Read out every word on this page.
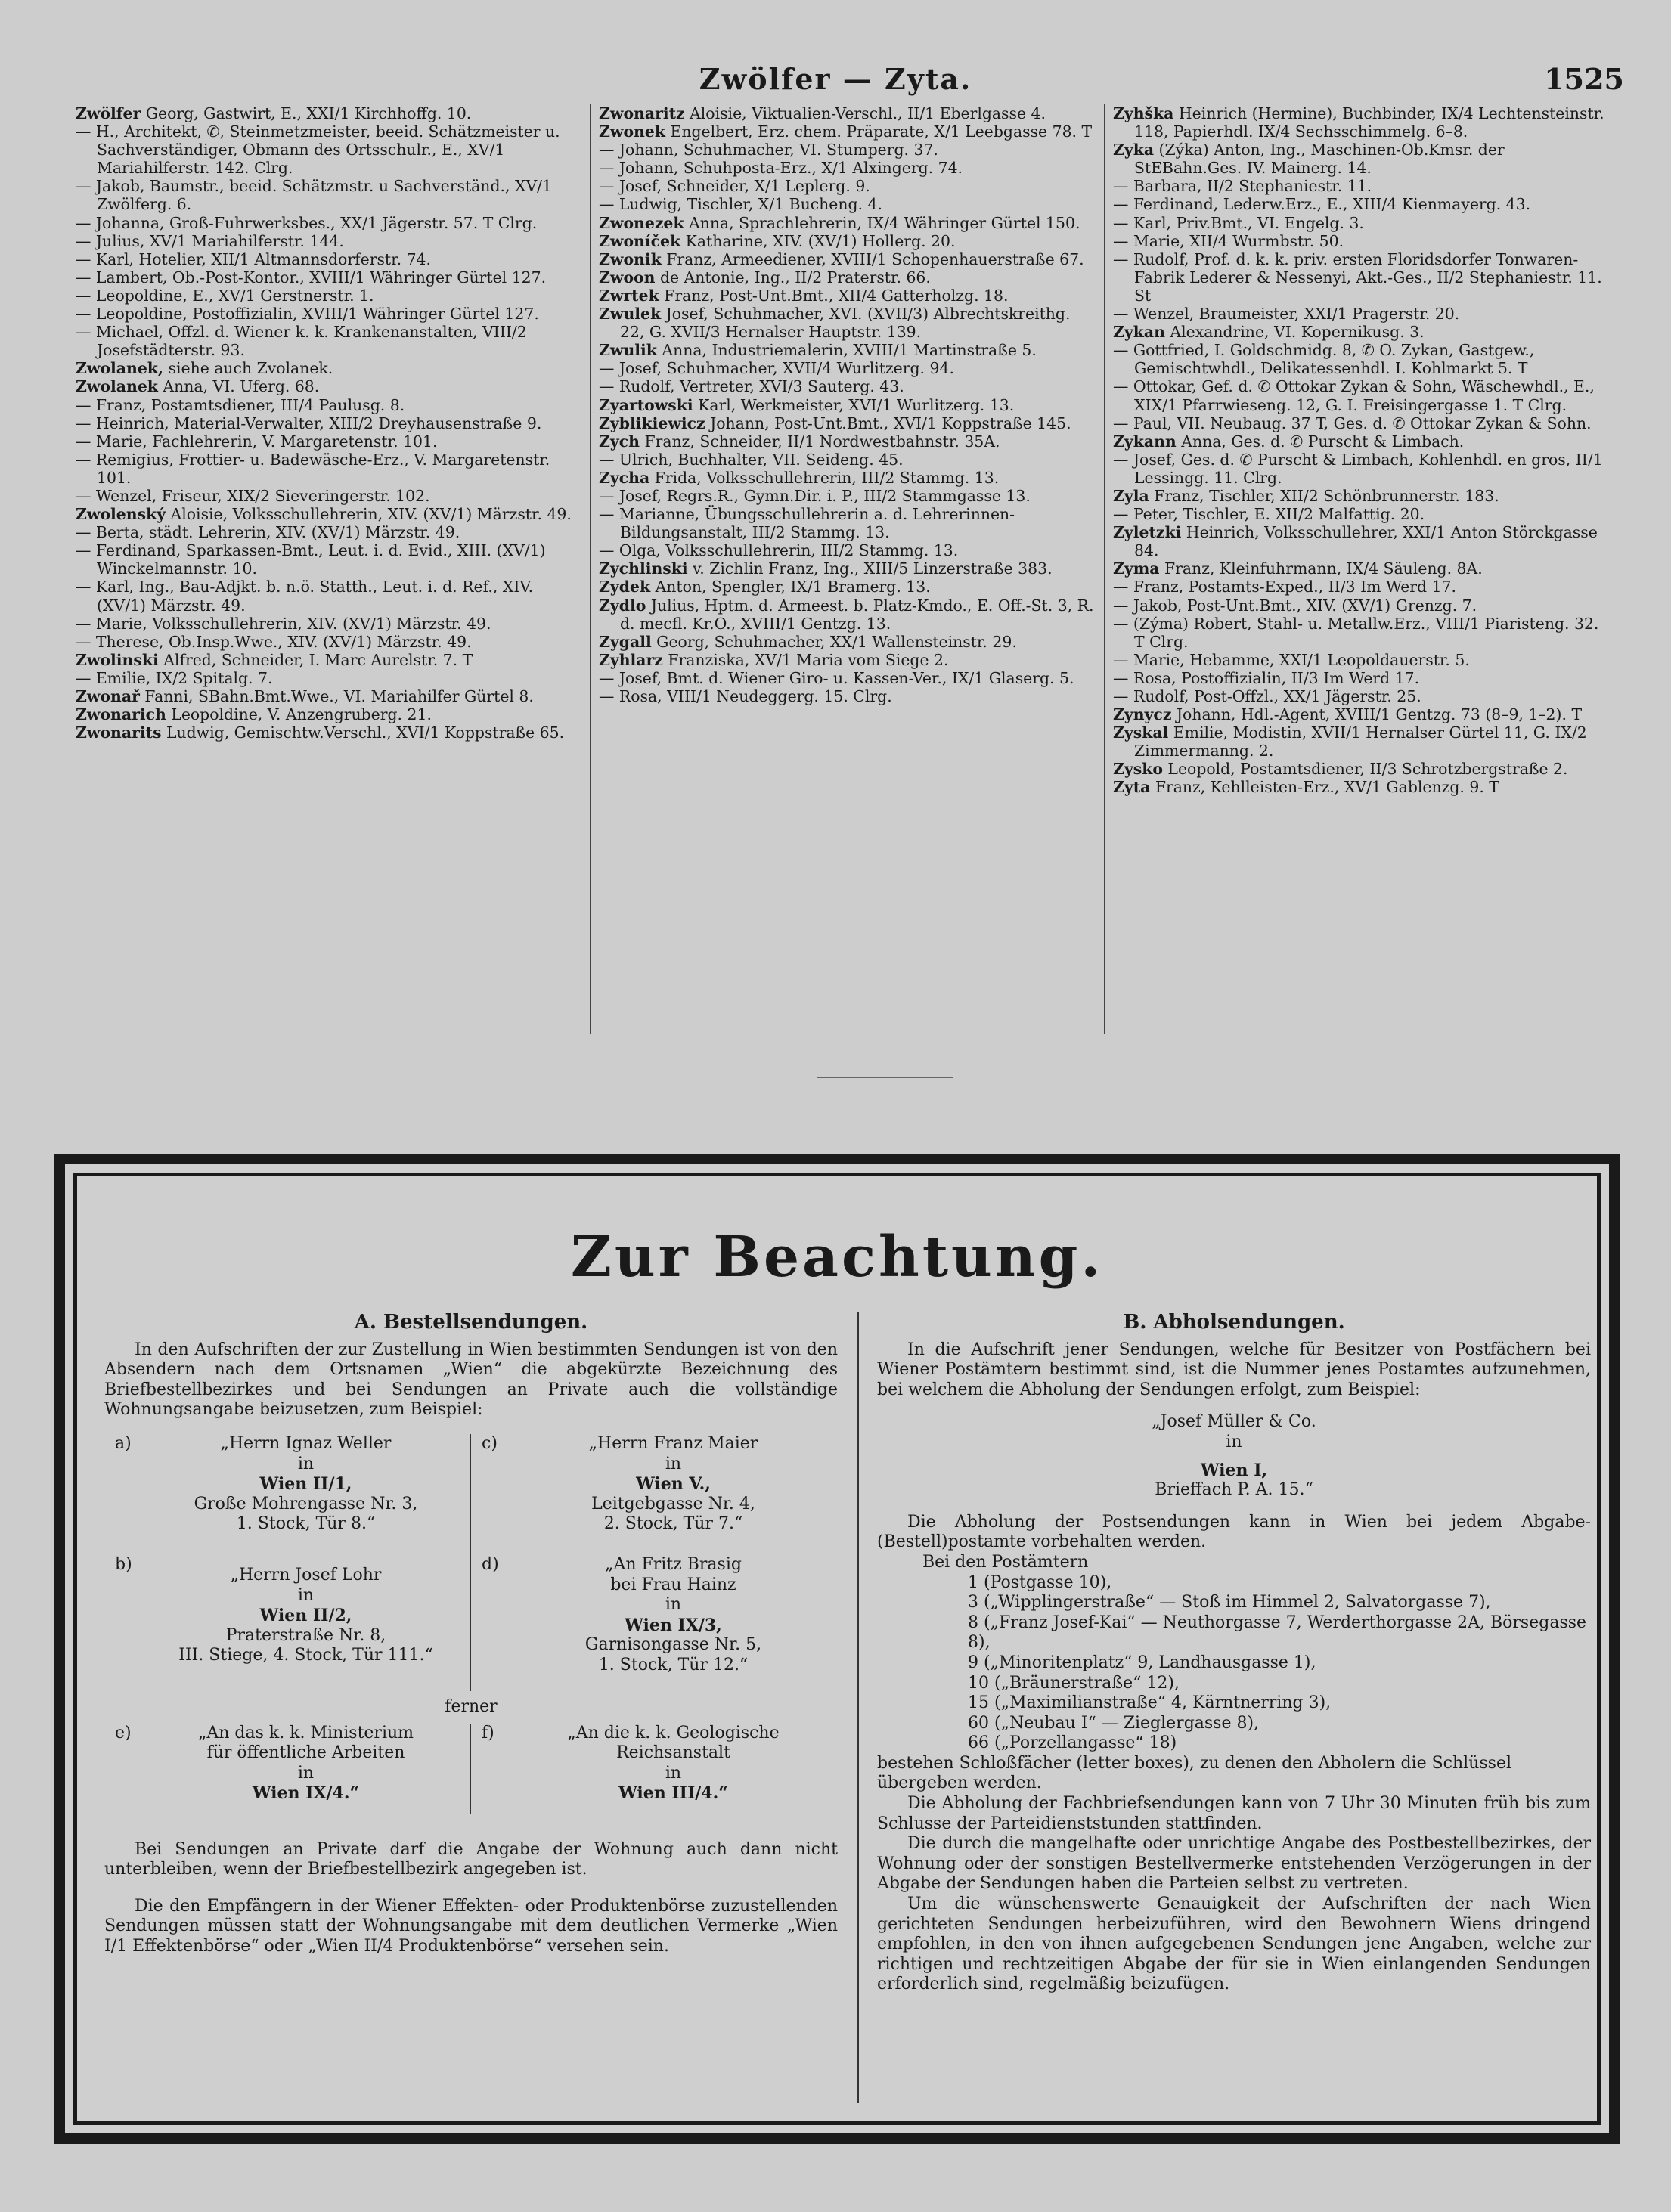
Zwölfer — Zyta.	1525
Zwölfer Georg, Gastwirt, E., XXI/1 Kirchhoffg. 10.
— H., Architekt, ✆, Steinmetzmeister, beeid. Schätzmeister u. Sachverständiger, Obmann des Ortsschulr., E., XV/1 Mariahilferstr. 142. Clrg.
— Jakob, Baumstr., beeid. Schätzmstr. u Sachverständ., XV/1 Zwölferg. 6.
— Johanna, Groß-Fuhrwerksbes., XX/1 Jägerstr. 57. T Clrg.
— Julius, XV/1 Mariahilferstr. 144.
— Karl, Hotelier, XII/1 Altmannsdorferstr. 74.
— Lambert, Ob.-Post-Kontor., XVIII/1 Währinger Gürtel 127.
— Leopoldine, E., XV/1 Gerstnerstr. 1.
— Leopoldine, Postoffizialin, XVIII/1 Währinger Gürtel 127.
— Michael, Offzl. d. Wiener k. k. Krankenanstalten, VIII/2 Josefstädterstr. 93.
Zwolanek, siehe auch Zvolanek.
Zwolanek Anna, VI. Uferg. 68.
— Franz, Postamtsdiener, III/4 Paulusg. 8.
— Heinrich, Material-Verwalter, XIII/2 Dreyhausenstraße 9.
— Marie, Fachlehrerin, V. Margaretenstr. 101.
— Remigius, Frottier- u. Badewäsche-Erz., V. Margaretenstr. 101.
— Wenzel, Friseur, XIX/2 Sieveringerstr. 102.
Zwolenský Aloisie, Volksschullehrerin, XIV. (XV/1) Märzstr. 49.
— Berta, städt. Lehrerin, XIV. (XV/1) Märzstr. 49.
— Ferdinand, Sparkassen-Bmt., Leut. i. d. Evid., XIII. (XV/1) Winckelmannstr. 10.
— Karl, Ing., Bau-Adjkt. b. n.ö. Statth., Leut. i. d. Ref., XIV. (XV/1) Märzstr. 49.
— Marie, Volksschullehrerin, XIV. (XV/1) Märzstr. 49.
— Therese, Ob.Insp.Wwe., XIV. (XV/1) Märzstr. 49.
Zwolinski Alfred, Schneider, I. Marc Aurelstr. 7. T
— Emilie, IX/2 Spitalg. 7.
Zwonař Fanni, SBahn.Bmt.Wwe., VI. Mariahilfer Gürtel 8.
Zwonarich Leopoldine, V. Anzengruberg. 21.
Zwonarits Ludwig, Gemischtw.Verschl., XVI/1 Koppstraße 65.
Zwonaritz Aloisie, Viktualien-Verschl., II/1 Eberlgasse 4.
Zwonek Engelbert, Erz. chem. Präparate, X/1 Leebgasse 78. T
— Johann, Schuhmacher, VI. Stumperg. 37.
— Johann, Schuhposta-Erz., X/1 Alxingerg. 74.
— Josef, Schneider, X/1 Leplerg. 9.
— Ludwig, Tischler, X/1 Bucheng. 4.
Zwonezek Anna, Sprachlehrerin, IX/4 Währinger Gürtel 150.
Zwoníček Katharine, XIV. (XV/1) Hollerg. 20.
Zwonik Franz, Armeediener, XVIII/1 Schopenhauerstraße 67.
Zwoon de Antonie, Ing., II/2 Praterstr. 66.
Zwrtek Franz, Post-Unt.Bmt., XII/4 Gatterholzg. 18.
Zwulek Josef, Schuhmacher, XVI. (XVII/3) Albrechtskreithg. 22, G. XVII/3 Hernalser Hauptstr. 139.
Zwulik Anna, Industriemalerin, XVIII/1 Martinstraße 5.
— Josef, Schuhmacher, XVII/4 Wurlitzerg. 94.
— Rudolf, Vertreter, XVI/3 Sauterg. 43.
Zyartowski Karl, Werkmeister, XVI/1 Wurlitzerg. 13.
Zyblikiewicz Johann, Post-Unt.Bmt., XVI/1 Koppstraße 145.
Zych Franz, Schneider, II/1 Nordwestbahnstr. 35A.
— Ulrich, Buchhalter, VII. Seideng. 45.
Zycha Frida, Volksschullehrerin, III/2 Stammg. 13.
— Josef, Regrs.R., Gymn.Dir. i. P., III/2 Stammgasse 13.
— Marianne, Übungsschullehrerin a. d. Lehrerinnen-Bildungsanstalt, III/2 Stammg. 13.
— Olga, Volksschullehrerin, III/2 Stammg. 13.
Zychlinski v. Zichlin Franz, Ing., XIII/5 Linzerstraße 383.
Zydek Anton, Spengler, IX/1 Bramerg. 13.
Zydlo Julius, Hptm. d. Armeest. b. Platz-Kmdo., E. Off.-St. 3, R. d. mecfl. Kr.O., XVIII/1 Gentzg. 13.
Zygall Georg, Schuhmacher, XX/1 Wallensteinstr. 29.
Zyhlarz Franziska, XV/1 Maria vom Siege 2.
— Josef, Bmt. d. Wiener Giro- u. Kassen-Ver., IX/1 Glaserg. 5.
— Rosa, VIII/1 Neudeggerg. 15. Clrg.
Zyhška Heinrich (Hermine), Buchbinder, IX/4 Lechtensteinstr. 118, Papierhdl. IX/4 Sechsschimmelg. 6–8.
Zyka (Zýka) Anton, Ing., Maschinen-Ob.Kmsr. der StEBahn.Ges. IV. Mainerg. 14.
— Barbara, II/2 Stephaniestr. 11.
— Ferdinand, Lederw.Erz., E., XIII/4 Kienmayerg. 43.
— Karl, Priv.Bmt., VI. Engelg. 3.
— Marie, XII/4 Wurmbstr. 50.
— Rudolf, Prof. d. k. k. priv. ersten Floridsdorfer Tonwaren-Fabrik Lederer & Nessenyi, Akt.-Ges., II/2 Stephaniestr. 11. St
— Wenzel, Braumeister, XXI/1 Pragerstr. 20.
Zykan Alexandrine, VI. Kopernikusg. 3.
— Gottfried, I. Goldschmidg. 8, ✆ O. Zykan, Gastgew., Gemischtwhdl., Delikatessenhdl. I. Kohlmarkt 5. T
— Ottokar, Gef. d. ✆ Ottokar Zykan & Sohn, Wäschewhdl., E., XIX/1 Pfarrwieseng. 12, G. I. Freisingergasse 1. T Clrg.
— Paul, VII. Neubaug. 37 T, Ges. d. ✆ Ottokar Zykan & Sohn.
Zykann Anna, Ges. d. ✆ Purscht & Limbach.
— Josef, Ges. d. ✆ Purscht & Limbach, Kohlenhdl. en gros, II/1 Lessingg. 11. Clrg.
Zyla Franz, Tischler, XII/2 Schönbrunnerstr. 183.
— Peter, Tischler, E. XII/2 Malfattig. 20.
Zyletzki Heinrich, Volksschullehrer, XXI/1 Anton Störckgasse 84.
Zyma Franz, Kleinfuhrmann, IX/4 Säuleng. 8A.
— Franz, Postamts-Exped., II/3 Im Werd 17.
— Jakob, Post-Unt.Bmt., XIV. (XV/1) Grenzg. 7.
— (Zýma) Robert, Stahl- u. Metallw.Erz., VIII/1 Piaristeng. 32. T Clrg.
— Marie, Hebamme, XXI/1 Leopoldauerstr. 5.
— Rosa, Postoffizialin, II/3 Im Werd 17.
— Rudolf, Post-Offzl., XX/1 Jägerstr. 25.
Zynycz Johann, Hdl.-Agent, XVIII/1 Gentzg. 73 (8–9, 1–2). T
Zyskal Emilie, Modistin, XVII/1 Hernalser Gürtel 11, G. IX/2 Zimmermanng. 2.
Zysko Leopold, Postamtsdiener, II/3 Schrotzbergstraße 2.
Zyta Franz, Kehlleisten-Erz., XV/1 Gablenzg. 9. T
Zur Beachtung.
A. Bestellsendungen.
In den Aufschriften der zur Zustellung in Wien bestimmten Sendungen ist von den Absendern nach dem Ortsnamen „Wien“ die abgekürzte Bezeichnung des Briefbestellbezirkes und bei Sendungen an Private auch die vollständige Wohnungsangabe beizusetzen, zum Beispiel:
a)	„Herrn Ignaz Weller
in
Wien II/1,
Große Mohrengasse Nr. 3,
1. Stock, Tür 8.“
c)	„Herrn Franz Maier
in
Wien V.,
Leitgebgasse Nr. 4,
2. Stock, Tür 7.“
b)
„Herrn Josef Lohr
in
Wien II/2,
Praterstraße Nr. 8,
III. Stiege, 4. Stock, Tür 111.“
d)	„An Fritz Brasig
bei Frau Hainz
in
Wien IX/3,
Garnisongasse Nr. 5,
1. Stock, Tür 12.“
ferner
e)	„An das k. k. Ministerium
für öffentliche Arbeiten
in
Wien IX/4.“
f)	„An die k. k. Geologische
Reichsanstalt
in
Wien III/4.“
Bei Sendungen an Private darf die Angabe der Wohnung auch dann nicht unterbleiben, wenn der Briefbestellbezirk angegeben ist.
Die den Empfängern in der Wiener Effekten- oder Produktenbörse zuzustellenden Sendungen müssen statt der Wohnungsangabe mit dem deutlichen Vermerke „Wien I/1 Effektenbörse“ oder „Wien II/4 Produktenbörse“ versehen sein.
B. Abholsendungen.
In die Aufschrift jener Sendungen, welche für Besitzer von Postfächern bei Wiener Postämtern bestimmt sind, ist die Nummer jenes Postamtes aufzunehmen, bei welchem die Abholung der Sendungen erfolgt, zum Beispiel:
„Josef Müller & Co.
in
Wien I,
Brieffach P. A. 15.“
Die Abholung der Postsendungen kann in Wien bei jedem Abgabe-(Bestell)postamte vorbehalten werden.
Bei den Postämtern
1 (Postgasse 10),
3 („Wipplingerstraße“ — Stoß im Himmel 2, Salvatorgasse 7),
8 („Franz Josef-Kai“ — Neuthorgasse 7, Werderthorgasse 2A, Börsegasse 8),
9 („Minoritenplatz“ 9, Landhausgasse 1),
10 („Bräunerstraße“ 12),
15 („Maximilianstraße“ 4, Kärntnerring 3),
60 („Neubau I“ — Zieglergasse 8),
66 („Porzellangasse“ 18)
bestehen Schloßfächer (letter boxes), zu denen den Abholern die Schlüssel übergeben werden.
Die Abholung der Fachbriefsendungen kann von 7 Uhr 30 Minuten früh bis zum Schlusse der Parteidienststunden stattfinden.
Die durch die mangelhafte oder unrichtige Angabe des Postbestellbezirkes, der Wohnung oder der sonstigen Bestellvermerke entstehenden Verzögerungen in der Abgabe der Sendungen haben die Parteien selbst zu vertreten.
Um die wünschenswerte Genauigkeit der Aufschriften der nach Wien gerichteten Sendungen herbeizuführen, wird den Bewohnern Wiens dringend empfohlen, in den von ihnen aufgegebenen Sendungen jene Angaben, welche zur richtigen und rechtzeitigen Abgabe der für sie in Wien einlangenden Sendungen erforderlich sind, regelmäßig beizufügen.
